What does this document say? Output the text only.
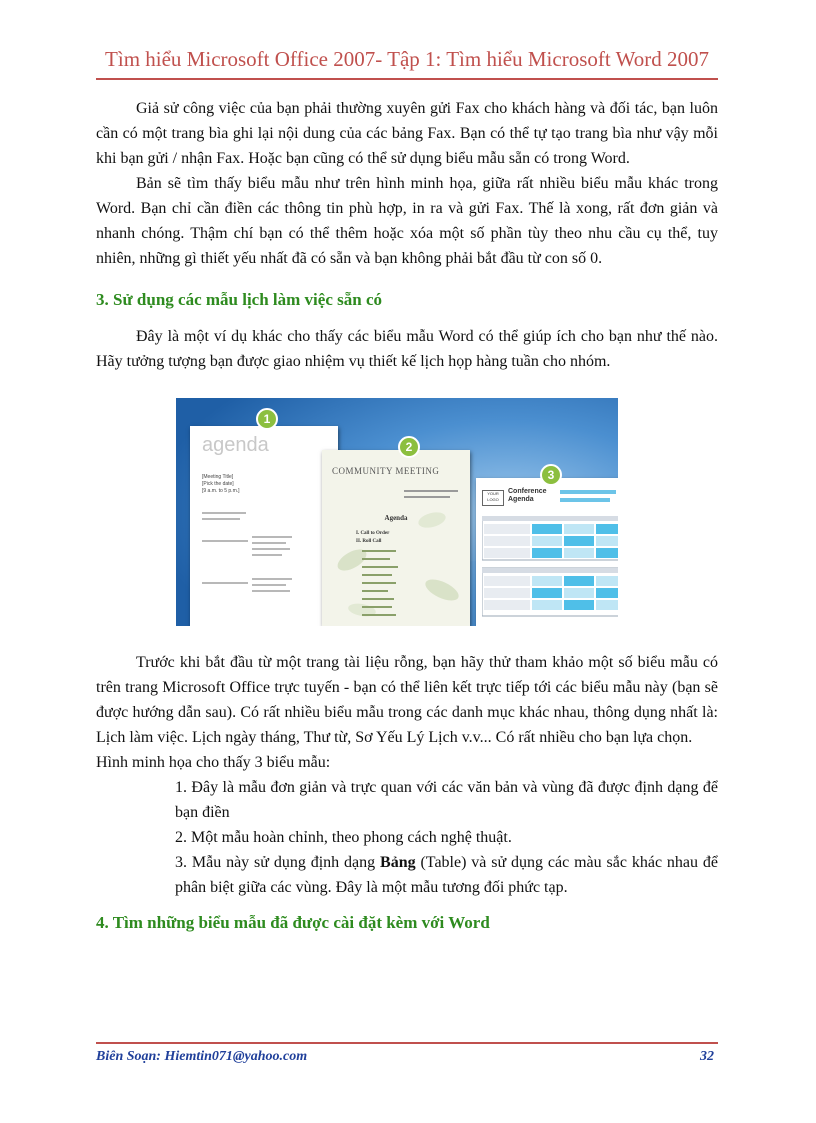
Tìm hiểu Microsoft Office 2007- Tập 1: Tìm hiểu Microsoft Word 2007

Giả sử công việc của bạn phải thường xuyên gửi Fax cho khách hàng và đối tác, bạn luôn cần có một trang bìa ghi lại nội dung của các bảng Fax. Bạn có thể tự tạo trang bìa như vậy mỗi khi bạn gửi / nhận Fax. Hoặc bạn cũng có thể sử dụng biểu mẫu sẵn có trong Word.

Bản sẽ tìm thấy biểu mẫu như trên hình minh họa, giữa rất nhiều biểu mẫu khác trong Word. Bạn chỉ cần điền các thông tin phù hợp, in ra và gửi Fax. Thế là xong, rất đơn giản và nhanh chóng. Thậm chí bạn có thể thêm hoặc xóa một số phần tùy theo nhu cầu cụ thể, tuy nhiên, những gì thiết yếu nhất đã có sẵn và bạn không phải bắt đầu từ con số 0.

3. Sử dụng các mẫu lịch làm việc sẵn có

Đây là một ví dụ khác cho thấy các biểu mẫu Word có thể giúp ích cho bạn như thế nào. Hãy tưởng tượng bạn được giao nhiệm vụ thiết kế lịch họp hàng tuần cho nhóm.

agenda
[Meeting Title]
[Pick the date]
[9 a.m. to 5 p.m.]
COMMUNITY MEETING
Agenda
I. Call to Order
II. Roll Call
YOUR LOGO
Conference Agenda
1
2
3

Trước khi bắt đầu từ một trang tài liệu rỗng, bạn hãy thử tham khảo một số biểu mẫu có trên trang Microsoft Office trực tuyến - bạn có thể liên kết trực tiếp tới các biểu mẫu này (bạn sẽ được hướng dẫn sau). Có rất nhiều biểu mẫu trong các danh mục khác nhau, thông dụng nhất là: Lịch làm việc. Lịch ngày tháng, Thư từ, Sơ Yếu Lý Lịch v.v... Có rất nhiều cho bạn lựa chọn.

Hình minh họa cho thấy 3 biểu mẫu:

1. Đây là mẫu đơn giản và trực quan với các văn bản và vùng đã được định dạng để bạn điền

2. Một mẫu hoàn chỉnh, theo phong cách nghệ thuật.

3. Mẫu này sử dụng định dạng Bảng (Table) và sử dụng các màu sắc khác nhau để phân biệt giữa các vùng. Đây là một mẫu tương đối phức tạp.

4. Tìm những biểu mẫu đã được cài đặt kèm với Word

Biên Soạn: Hiemtin071@yahoo.com	32
